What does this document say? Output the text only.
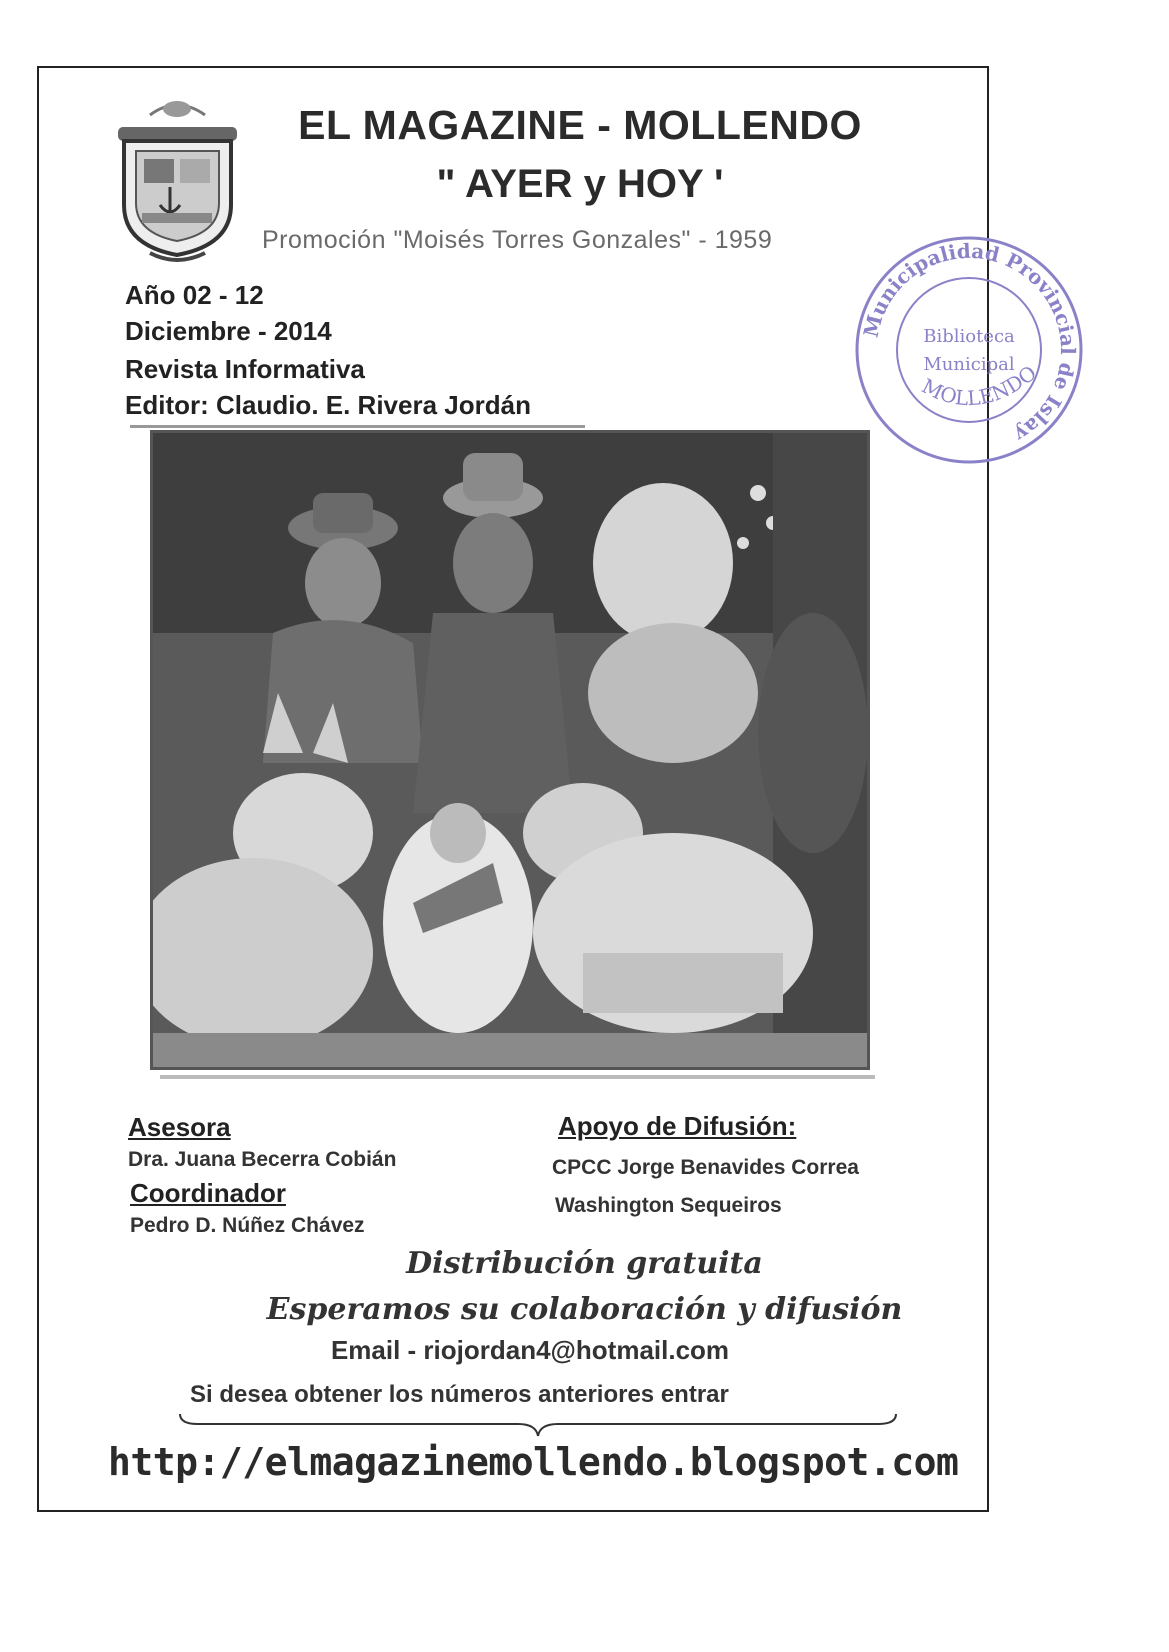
EL MAGAZINE - MOLLENDO
" AYER y HOY '
Promoción "Moisés Torres Gonzales" - 1959
Año 02 - 12
Diciembre - 2014
Revista Informativa
Editor: Claudio. E. Rivera Jordán
Municipalidad Provincial de Islay
Biblioteca
Municipal
MOLLENDO
Asesora
Dra. Juana Becerra Cobián
Coordinador
Pedro D. Núñez Chávez
Apoyo de Difusión:
CPCC Jorge Benavides Correa
Washington Sequeiros
Distribución gratuita
Esperamos su colaboración y difusión
Email - riojordan4@hotmail.com
Si desea obtener los números anteriores entrar
http://elmagazinemollendo.blogspot.com
